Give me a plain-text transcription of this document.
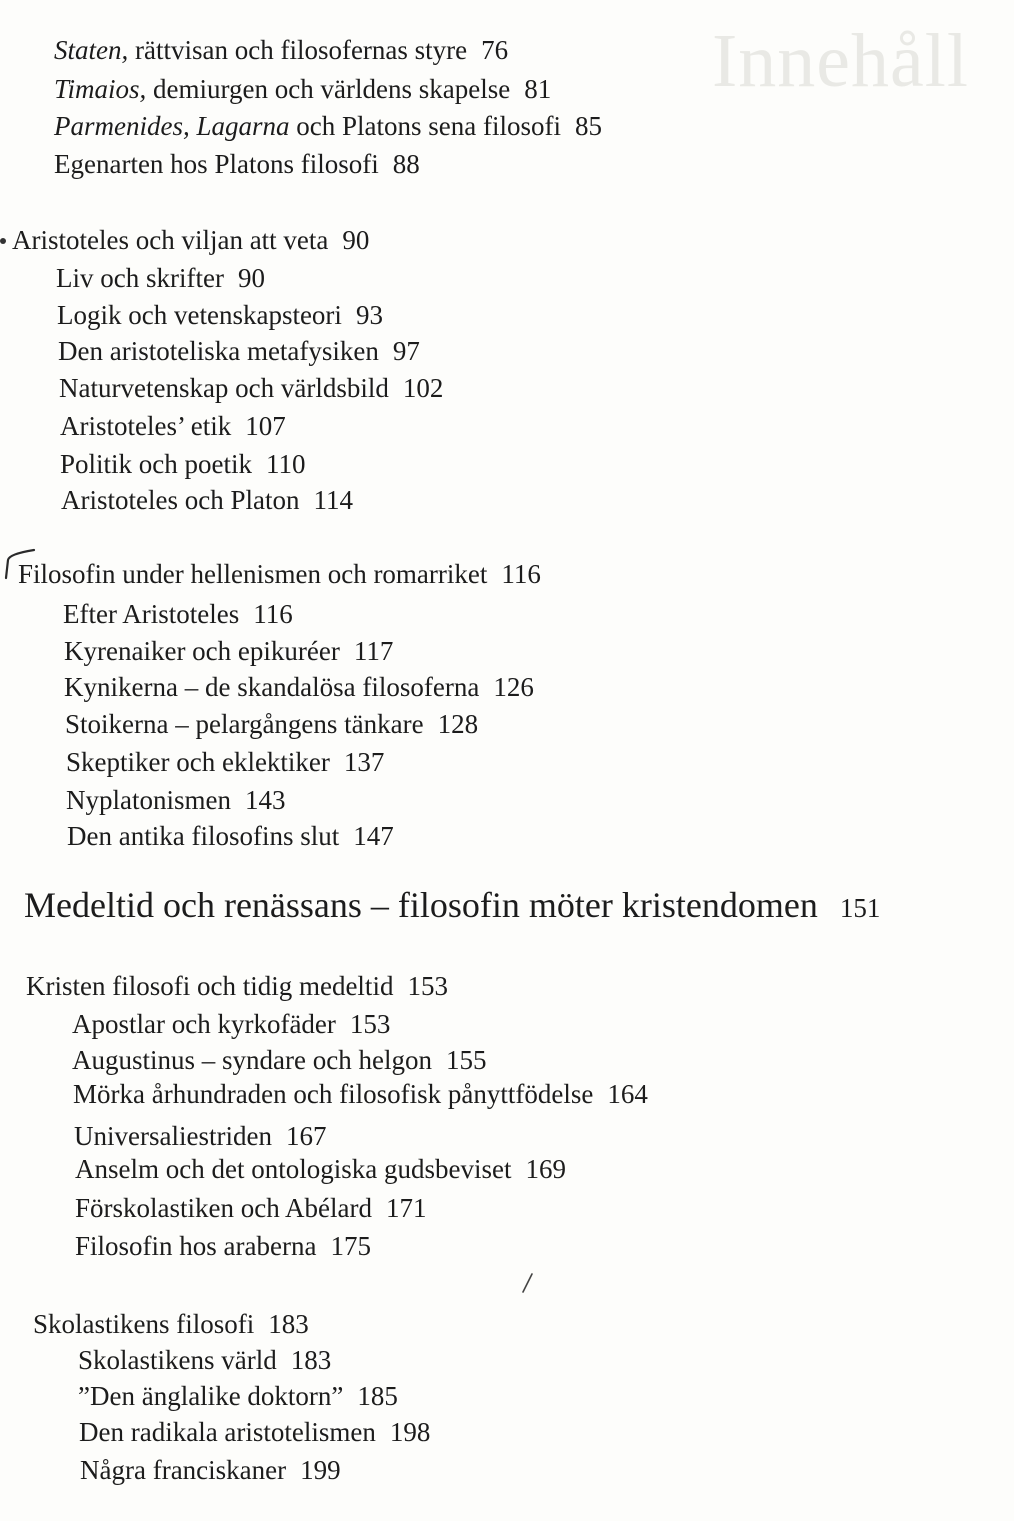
Innehåll
Staten, rättvisan och filosofernas styre 76
Timaios, demiurgen och världens skapelse 81
Parmenides, Lagarna och Platons sena filosofi 85
Egenarten hos Platons filosofi 88
Aristoteles och viljan att veta 90
Liv och skrifter 90
Logik och vetenskapsteori 93
Den aristoteliska metafysiken 97
Naturvetenskap och världsbild 102
Aristoteles’ etik 107
Politik och poetik 110
Aristoteles och Platon 114
Filosofin under hellenismen och romarriket 116
Efter Aristoteles 116
Kyrenaiker och epikuréer 117
Kynikerna – de skandalösa filosoferna 126
Stoikerna – pelargångens tänkare 128
Skeptiker och eklektiker 137
Nyplatonismen 143
Den antika filosofins slut 147
Medeltid och renässans – filosofin möter kristendomen 151
Kristen filosofi och tidig medeltid 153
Apostlar och kyrkofäder 153
Augustinus – syndare och helgon 155
Mörka århundraden och filosofisk pånyttfödelse 164
Universaliestriden 167
Anselm och det ontologiska gudsbeviset 169
Förskolastiken och Abélard 171
Filosofin hos araberna 175
Skolastikens filosofi 183
Skolastikens värld 183
”Den änglalike doktorn” 185
Den radikala aristotelismen 198
Några franciskaner 199
